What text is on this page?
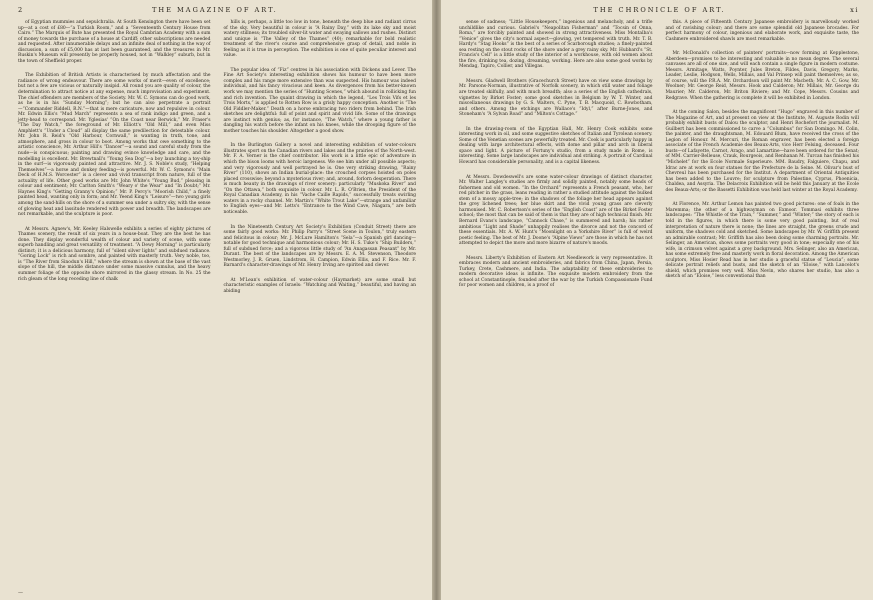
2	THE MAGAZINE OF ART.

of Egyptian mummies and sepulchralia. At South Kensington there have been set up—at a cost of £80—“a Turkish Room,” and a “Seventeenth Century House from Cairo.” The Marquis of Bute has presented the Royal Cambrian Academy with a sum of money towards the purchase of a house at Cardiff; other subscriptions are needed and requested. After innumerable delays and an infinite deal of nothing in the way of discussion, a sum of £5,000 has at last been guaranteed, and the treasures in Mr. Ruskin's Museum will presently be properly housed, not in “Walkley” suburb, but in the town of Sheffield proper.

The Exhibition of British Artists is characterised by much affectation and the radiance of wrong endeavour. There are some works of merit—even of excellence; but not a few are vicious or naturally insipid. All round you are quality of colour, the determination to attract notice at any expense, much improvisation and experiment. The chief offenders are members of the Society. Mr. W. C. Symons can do good work, as he is in his “Sunday Morning”; but he can also perpetrate a portrait—“Commander Riddell, R.N.”—that is mere caricature, now and repulsive in colour. Mr. Edwin Ellis's “Mud March” represents a sea of rank indigo and green, and a jetty-head to correspond. Mr. Yglesias' “On the Coast near Berwick,” Mr. Fraser's “The Day Watch,” the foreground of Mr. Elliott's “Old Mill,” and even Miss Amphlett's “Under a Cloud” all display the same predilection for detestable colour. Mr. John R. Reid's “Old Harbour, Cornwall,” is wanting in truth, tone, and atmosphere, and gross in colour to boot. Among works that owe something to the artistic conscience, Mr. Arthur Hill's “Dancer”—a sound and careful study from the nude—is conspicuous; painting and drawing evince knowledge and care, and the modelling is excellent. Mr. Brewtnall's “Young Sea Dog”—a boy launching a toy-ship in the surf—is vigorously painted and attractive. Mr. J. S. Noble's study, “Helping Themselves”—a horse and donkey feeding—is powerful. Mr. W. C. Symons's “Main Deck of H.M.S. Worcester” is a clever and vivid transcript from nature, full of the actuality of life. Other good works are Mr. John White's “Young Bud,” pleasing in colour and sentiment; Mr. Carlton Smith's “Weary o' the Wear” and “In Doubt;” Mr. Haynes King's “Getting Granny's Opinion;” Mr. P. Percy's “Moorish Child,” a finely painted head, wanting only in form; and Mr. Yeend King's “Leisure”—two young girls among the sand-hills on the shore of a summer sea under a sultry sky, with the sense of glowing heat and lassitude rendered with power and breadth. The landscapes are not remarkable, and the sculpture is poor.

At Messrs. Agnew's, Mr. Keeley Halswelle exhibits a series of eighty pictures of Thames scenery, the result of six years in a house-boat. They are the best he has done. They display wonderful wealth of colour and variety of scene, with some superb handling and great versatility of treatment. “A Dewy Morning” is particularly distinct; it is a delicious harmony, full of “silent silver lights” and subdued radiance. “Goring Lock” is rich and sombre, and painted with masterly truth. Very noble, too, is “The River from Sinodun's Hill,” where the stream is shown at the base of the vast slope of the hill, the middle distance under some massive cumulus, and the heavy summer foliage of the opposite shore mirrored in the glassy stream. In No. 25 the rich gleam of the long receding line of chalk

hills is, perhaps, a little too low in tone, beneath the deep blue and radiant cirrus of the sky. Very beautiful in colour is “A Rainy Day,” with its lake sky and moist watery stillness; its troubled silver-lit water and swaying sallows and rushes. Distinct and unique is “The Valley of the Thames” (40); remarkable for bold realistic treatment of the river's course and comprehensive grasp of detail, and noble in feeling as it is true in perception. The exhibition is one of quite peculiar interest and value.

The popular idea of “Fiz” centres in his association with Dickens and Lever. The Fine Art Society's interesting exhibition shows his humour to have been more complex and his range more extensive than was suspected. His humour was indeed individual, and his fancy vivacious and keen. As divergences from his better-known work we may mention the series of “Hunting Scenes,” which abound in rollicking fun and rich invention. The quaint drawing in which the legend, “Les Trois Vifs et les Trois Morts,” is applied to Rotten Row is a grisly happy conception. Another is “The Old Fiddler-Maker.” Death on a horse embracing two riders from behind. The Irish sketches are delightful: full of point and spirit and vivid life. Some of the drawings are instinct with genius; as, for instance, “The Watch,” where a young father is dangling his watch before the infant on his knees, while the drooping figure of the mother touches his shoulder. Altogether a good show.

In the Burlington Gallery a novel and interesting exhibition of water-colours illustrates sport on the Canadian rivers and lakes and the prairies of the North-west. Mr. F. A. Verner is the chief contributor. His work is a little epic of adventure in which the bison looms with heroic largeness. We see him under all possible aspects; and very vigorously and well portrayed he is. One very striking drawing, “Rainy River” (110), shows an Indian burial-place: the crouched corpses hoisted on poles placed crosswise; beyond a mysterious river; and, around, forlorn desperation. There is much beauty in the drawings of river scenery: particularly “Muskoka River” and “On the Ottawa,” both exquisite in colour. Mr. L. R. O'Brien, the President of the Royal Canadian Academy, in his “Vache Caille Rapids,” successfully treats swirling waters in a rocky channel. Mr. Martin's “White Trout Lake”—strange and unfamiliar to English eyes—and Mr. Letts's “Entrance to the Wind Cave, Niagara,” are both noticeable.

In the Nineteenth Century Art Society's Exhibition (Conduit Street) there are some fairly good works: Mr. Philip Parry's “Street Scene in Toulon,” truly eastern and felicitous in colour; Mr. J. McLure Hamilton's “Sela”—a Spanish girl dancing—notable for good technique and harmonious colour; Mr. H. S. Tuke's “Ship Builders,” full of subdued force; and a vigorous little study of “An Anagassan Peasant” by Mr. Durant. The best of the landscapes are by Messrs. E. A. M. Stevenson, Theodore Westmorley, J. R. Gruen, Lindstrom, H. Campion, Edwin Ellis, and F. Rice. Mr. F. Barnard's character-drawings of Mr. Henry Irving are spirited and clever.

At M'Lean's exhibition of water-colour (Haymarket) are some small but characteristic examples of Israels: “Watching and Waiting,” beautiful, and having an abiding

—
THE CHRONICLE OF ART.	xi

sense of sadness; “Little Housekeepers,” ingenious and melancholy, and a trifle unchildlike and curious. Gabriel's “Neapolitan Fisherman” and “Tocsin of Onna, Roma,” are forcibly painted and showed in strong attractiveness. Miss Montalba's “Venice” gives the city's normal aspect—glowing, yet tempered with truth. Mr. T. B. Hardy's “Stag Hooks” is the best of a series of Scarborough studies; a finely-painted sea resting on the stout rocks of the shore under a grey rainy sky. Mr. Hubbard's “St. Francis's Cell” is a little study of the interior of a workhouse, with old women about the fire, drinking tea, dozing, dreaming, working. Here are also some good works by Mendag, Tapiro, Collier, and Villegas.

Messrs. Gladwell Brothers (Gracechurch Street) have on view some drawings by Mr. Parsons-Norman, illustrative of Norfolk scenery, in which still water and foliage are treated skilfully, and with much breadth; also a series of the English cathedrals, vignettes by Birket Foster; some good sketches in Belgium by W. T. Winter, and miscellaneous drawings by G. S. Walters, C. Pyne, T. B. Macquoid, C. Rowbotham, and others. Among the etchings are Wallace's “Idyl,” after Burne-Jones, and Stoneham's “A Sylvan Road” and “Milton's Cottage.”

In the drawing-room of the Egyptian Hall, Mr. Henry Cook exhibits some interesting work in oil, and some suggestive sketches of Italian and Tyrolean scenery. Some of the Venetian scenes are powerfully treated. Mr. Cook is particularly happy in dealing with large architectural effects, with dome and pillar and arch in liberal space and light. A picture of Fortuny's studio, from a study made in Rome, is interesting. Some large landscapes are individual and striking. A portrait of Cardinal Howard has considerable personality, and is a capital likeness.

At Messrs. Dowdeswell's are some water-colour drawings of distinct character. Mr. Walter Langley's studies are firmly and solidly painted, notably some heads of fishermen and old women. “In the Orchard” represents a French peasant, who, her red pitcher in the grass, leans reading in rather a studied attitude against the bulked stem of a mossy apple-tree; in the shadows of the foliage her head appears against the grey lichened trees; her blue skirt and the vivid young grass are cleverly harmonised. Mr. C. Robertson's series of the “English Coast” are of the Birket Foster school; the most that can be said of them is that they are of high technical finish. Mr. Bernard Evans's landscape, “Cannock Chase,” is summered and harsh; his rather ambitious “Light and Shade” unhappily realises the divorce and not the concord of these essentials. Mr. A. W. Hunt's “Moonlight on a Yorkshire River” is full of weird poetic feeling. The best of Mr. J. Doone's “Alpine Views” are those in which he has not attempted to depict the more and more bizarre of nature's moods.

Messrs. Liberty's Exhibition of Eastern Art Needlework is very representative. It embraces modern and ancient embroideries, and fabrics from China, Japan, Persia, Turkey, Crete, Cashmere, and India. The adaptability of these embroideries to modern decorative ideas is infinite. The exquisite modern embroidery from the school at Constantinople, founded after the war by the Turkish Compassionate Fund for poor women and children, is a proof of

this. A piece of Fifteenth Century Japanese embroidery is marvellously worked and of ravishing colour; and there are some splendid old Japanese brocades. For perfect harmony of colour, ingenious and elaborate work, and exquisite taste, the Cashmere embroidered shawls are most remarkable.

Mr. McDonald's collection of painters' portraits—now forming at Kepplestone, Aberdeen—promises to be interesting and valuable in no mean degree. The several canvases are all of one size, and will each contain a single figure in modern costume. Messrs. Armitage, Watts, Poynter, Jules Breton, Fildes, Davis, Gregory, Marks, Leader, Leslie, Hodgson, Wells, Millais, and Val Prinsep will paint themselves; as so, of course, will the P.R.A. Mr. Orchardson will paint Mr. Macbeth; Mr. A. C. Gow, Mr. Woolner; Mr. George Reid, Messrs. Hook and Calderon; Mr. Millais, Mr. George du Maurier; Mr. Calderon, Mr. Briton Riviere; and Mr. Cope, Messrs. Cousins and Redgrave. When the gathering is complete it will be exhibited in London.

At the coming Salon, besides the magnificent “Hugo” engraved in this number of The Magazine of Art, and at present on view at the Institute, M. Auguste Rodin will probably exhibit busts of Dalou the sculptor, and Henri Rochefort the journalist. M. Guilbert has been commissioned to carve a “Columbus” for San Domingo. M. Colin, the painter, and the draughtsman, M. Edouard Blum, have received the cross of the Legion of Honour. M. Mercuri, the Roman engraver, has been elected a foreign associate of the French Academie des Beaux-Arts, vice Herr Felsing, deceased. Four busts—of Lafayette, Carnot, Arago, and Lamartine—have been ordered for the Senat; of MM. Carrier-Belleuse, Crauk, Bourgeois, and Renhanan M. Turcan has finished his “Michelet” for the Ecole Normale Superieure. MM. Baudry, Falguiere, Chapu, and Idrac are at work on four statues for the Prefecture de la Seine. M. Olivar's bust of Chevreul has been purchased for the Institut. A department of Oriental Antiquities has been added to the Louvre; for sculpture from Palestine, Cyprus, Phoenicia, Chaldea, and Assyria. The Delacroix Exhibition will be held this January at the Ecole des Beaux-Arts; or the Bassetti Exhibition was held last winter at the Royal Academy.

At Florence, Mr. Arthur Lemon has painted two good pictures: one of foals in the Maremma; the other of a highwayman on Exmoor. Tommasi exhibits three landscapes: “The Whistle of the Train,” “Summer,” and “Winter;” the story of each is told in the figures, in which there is some very good painting, but of real interpretation of nature there is none; the lines are straight, the greens crude and uniform, the shadows cold and sketched. Some landscapes by Mr. W. Griffith present an admirable contrast; Mr. Griffith has also been doing some charming portraits. Mr. Selinger, an American, shows some portraits very good in tone; especially one of his wife, in crimson velvet against a grey background. Mrs. Selinger, also an American, has some extremely free and masterly work in floral decoration. Among the American sculptors, Miss Hosier Read has in her studio a graceful statue of “Leucia”; some delicate portrait reliefs and busts, and the sketch of an “Eloise,” with Lancelot's shield, which promises very well. Miss Nevin, who shares her studio, has also a sketch of an “Eloise,” less conventional than
